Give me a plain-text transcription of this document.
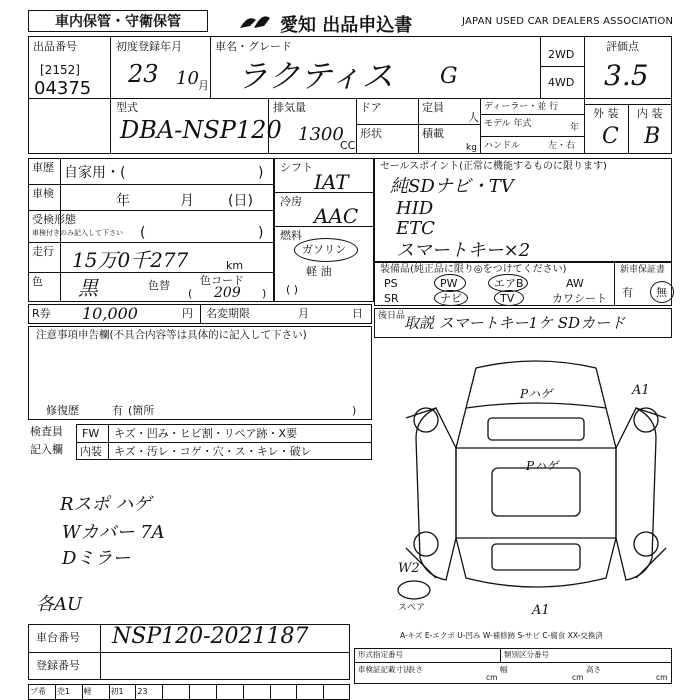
車内保管・守衛保管	愛知 出品申込書	JAPAN USED CAR DEALERS ASSOCIATION
出品番号
[2152]
04375
初度登録年月
23 10 月
車名・グレード
ラクティス G
2WD
4WD
評価点
3.5
外 装 内 装
C B
型式
DBA-NSP120
排気量
1300
CC
ドア
形状
定員
人
積載
kg
ディーラー・並 行
モデル 年式	年
ハンドル	左・右
車歴 自家用・(	)
車検	年	月 (日)
受検形態
車検付きのみ記入して下さい (	)
走行 15万0千277	km
色 黒	色替	色コード
209
(	)
シフト
IAT
冷房
AAC
燃料
ガソリン
軽 油
( )
セールスポイント(正常に機能するものに限ります)
純SDナビ・TV
HID
ETC
スマートキー×2
装備品(純正品に限り◎をつけてください)
PS	PW	エアB	AW
SR	ナビ	TV	カワシート
新車保証書
有 無
R券 10,000	円 名変期限	月	日 後日品
取説 スマートキー1ケ SDカード
注意事項申告欄(不具合内容等は具体的に記入して下さい)
修復歴	有 (箇所	)
検査員
記入欄
FW キズ・凹み・ヒビ割・リペア跡・X要
内装 キズ・汚レ・コゲ・穴・ス・キレ・破レ
Rスポ ハゲ
Wカバー 7A
Dミラー
各AU
Pハゲ
Pハゲ
A1
W2
A1
スペア
A-キズ E-エクボ U-凹み W-補修跡 S-サビ C-腐食 XX-交換済
車台番号 NSP120-2021187
登録番号
形式指定番号	類別区分番号
車検証記載寸法
長さ
cm
幅
cm
高さ
cm
プ希 売1 軽 初1 23
